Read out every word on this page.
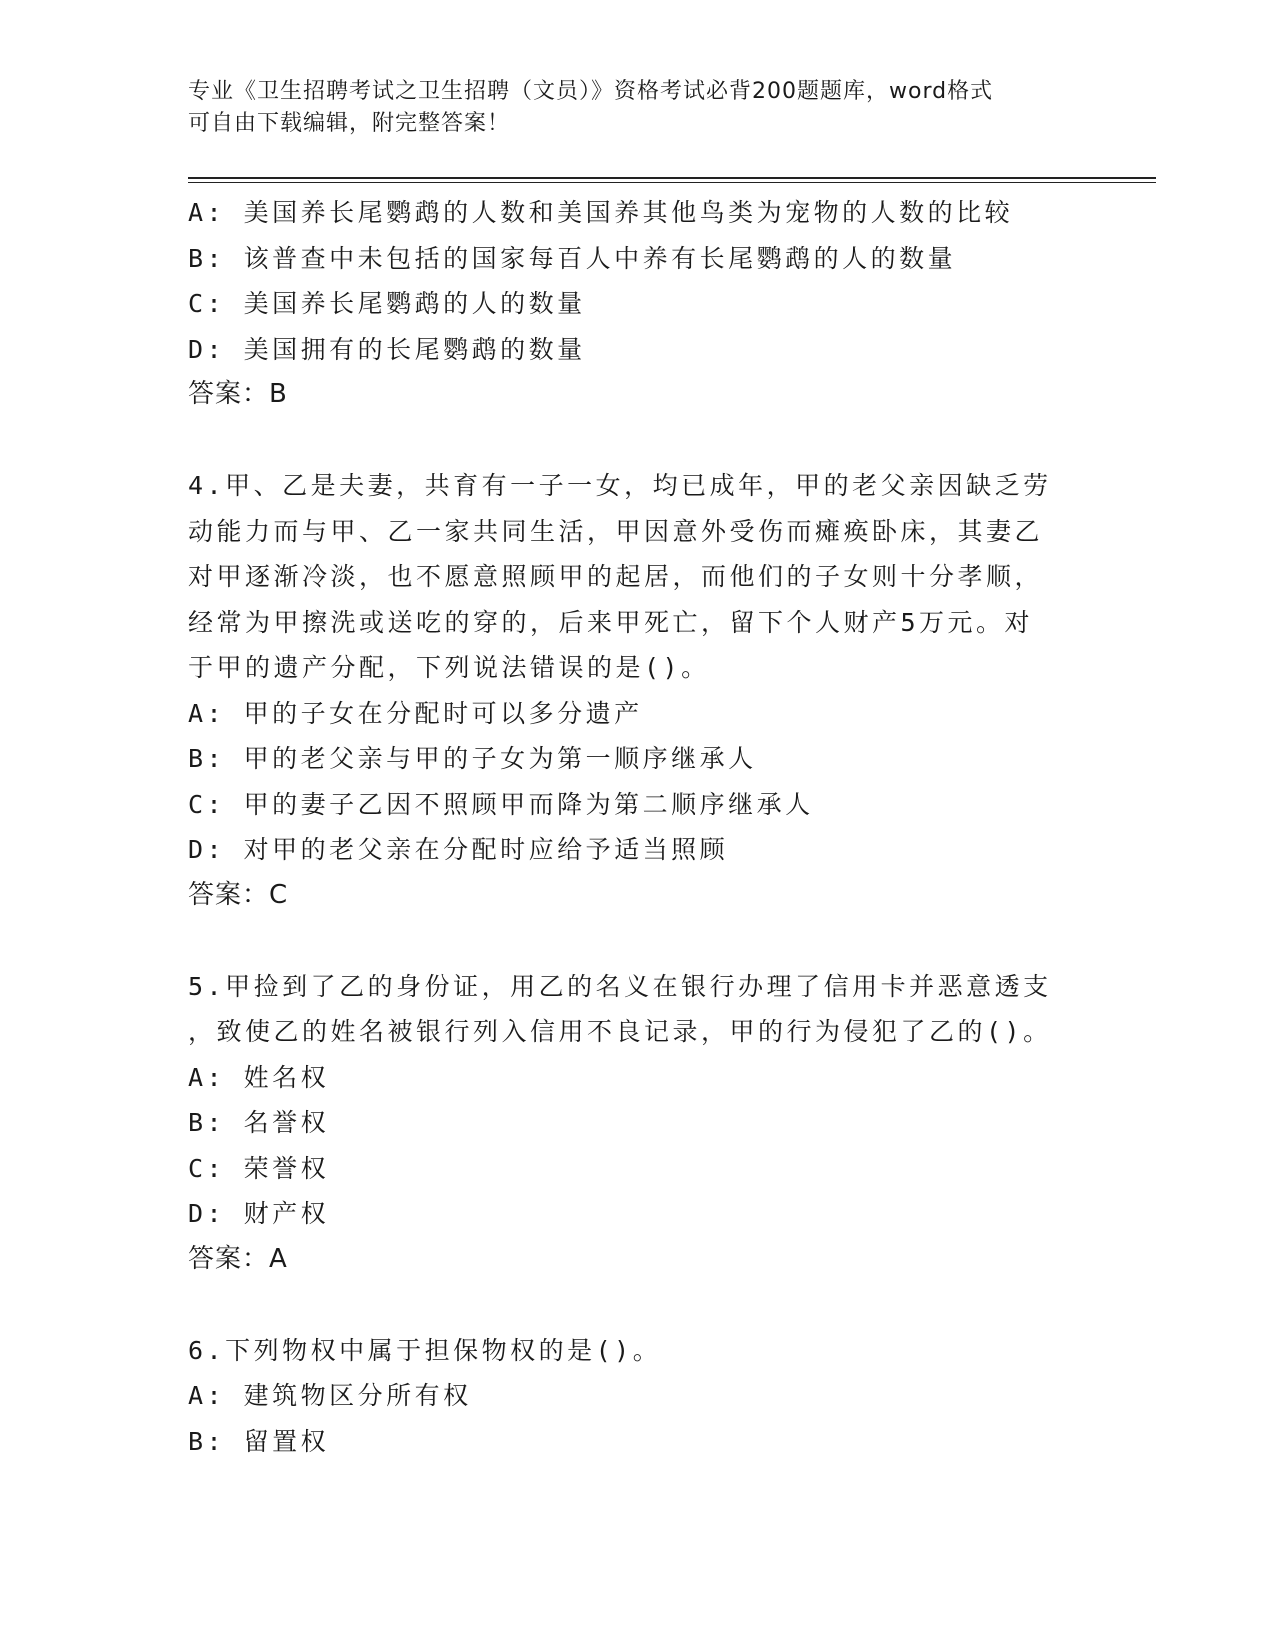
专业《卫生招聘考试之卫生招聘（文员）》资格考试必背200题题库，word格式
可自由下载编辑，附完整答案！
A: 美国养长尾鹦鹉的人数和美国养其他鸟类为宠物的人数的比较
B: 该普查中未包括的国家每百人中养有长尾鹦鹉的人的数量
C: 美国养长尾鹦鹉的人的数量
D: 美国拥有的长尾鹦鹉的数量
答案：B
4.甲、乙是夫妻，共育有一子一女，均已成年，甲的老父亲因缺乏劳
动能力而与甲、乙一家共同生活，甲因意外受伤而瘫痪卧床，其妻乙
对甲逐渐冷淡，也不愿意照顾甲的起居，而他们的子女则十分孝顺，
经常为甲擦洗或送吃的穿的，后来甲死亡，留下个人财产5万元。对
于甲的遗产分配，下列说法错误的是()。
A: 甲的子女在分配时可以多分遗产
B: 甲的老父亲与甲的子女为第一顺序继承人
C: 甲的妻子乙因不照顾甲而降为第二顺序继承人
D: 对甲的老父亲在分配时应给予适当照顾
答案：C
5.甲捡到了乙的身份证，用乙的名义在银行办理了信用卡并恶意透支
，致使乙的姓名被银行列入信用不良记录，甲的行为侵犯了乙的()。
A: 姓名权
B: 名誉权
C: 荣誉权
D: 财产权
答案：A
6.下列物权中属于担保物权的是()。
A: 建筑物区分所有权
B: 留置权
